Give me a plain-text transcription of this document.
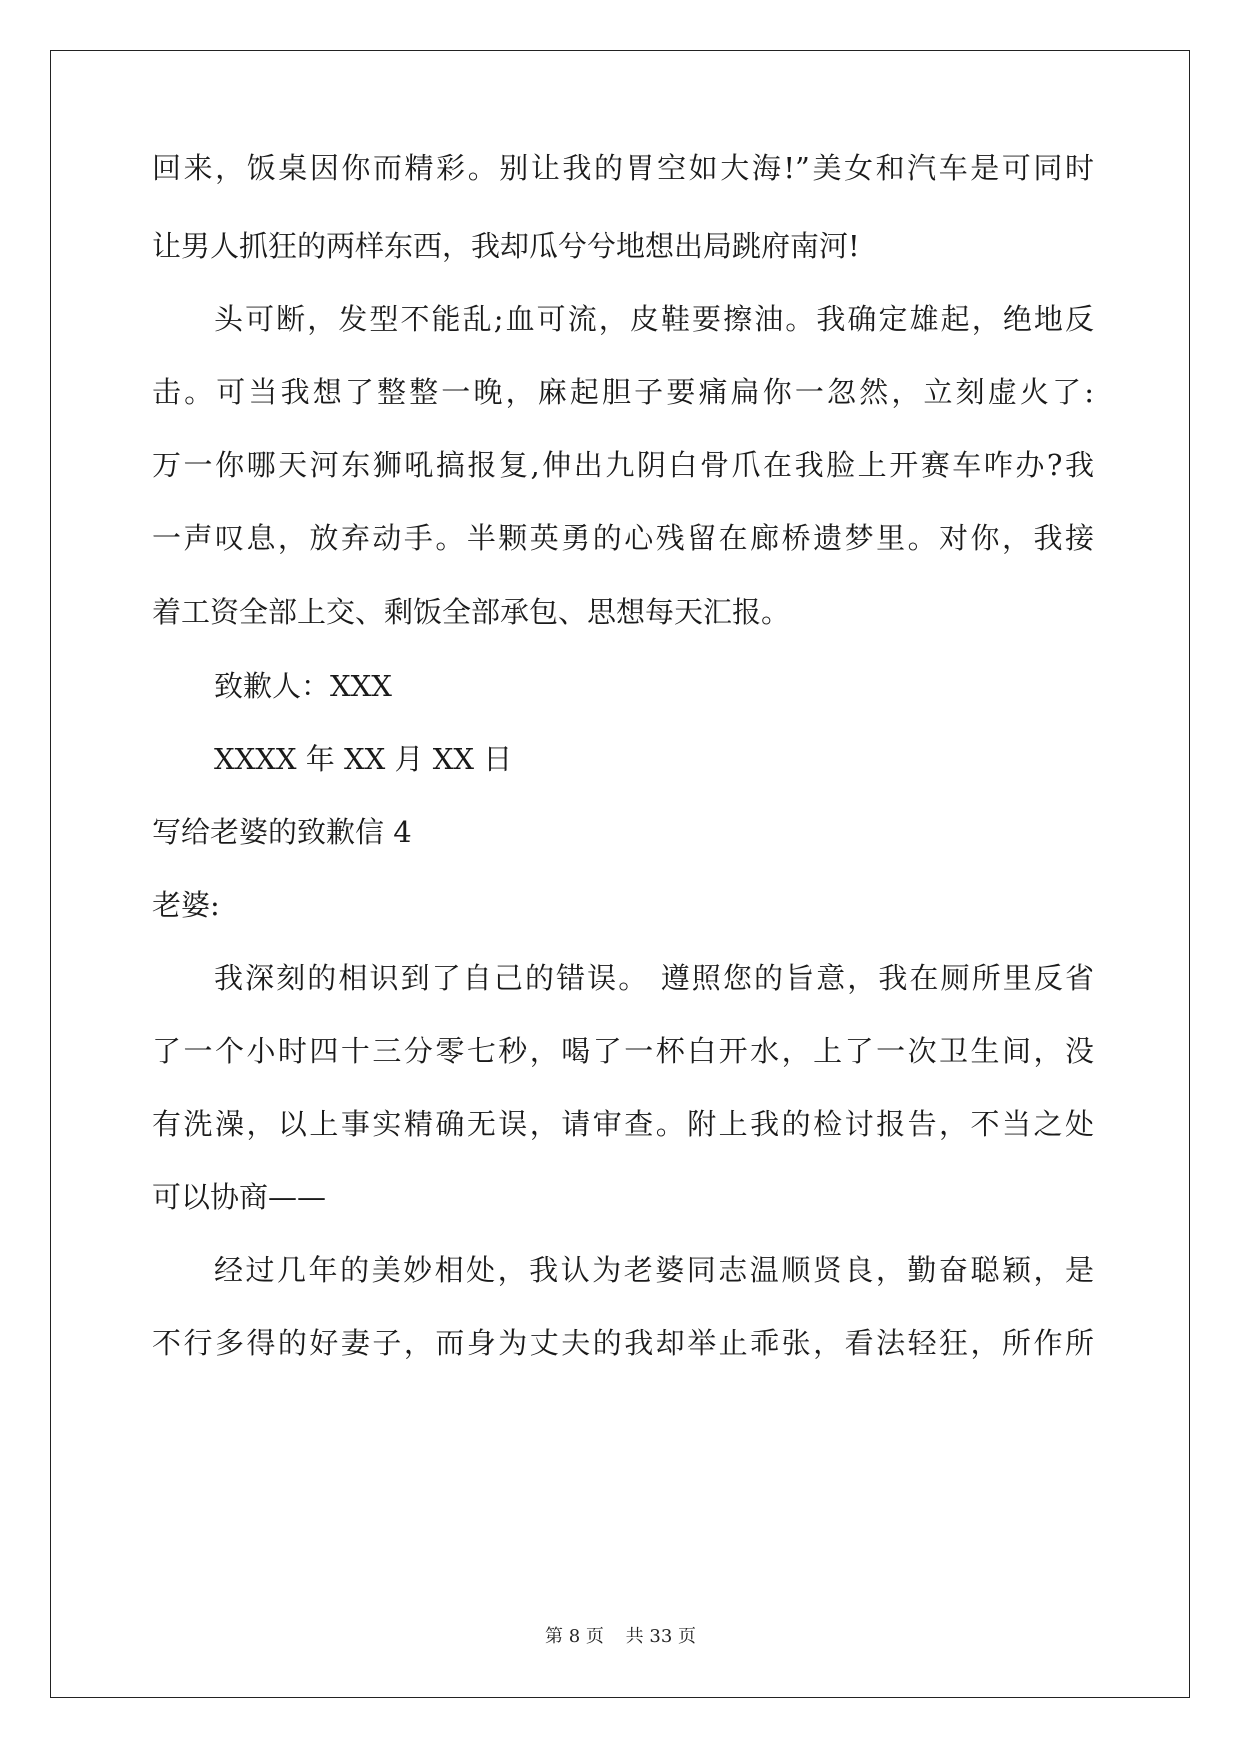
回来，饭桌因你而精彩。别让我的胃空如大海!”美女和汽车是可同时
让男人抓狂的两样东西，我却瓜兮兮地想出局跳府南河!
头可断，发型不能乱;血可流，皮鞋要擦油。我确定雄起，绝地反
击。可当我想了整整一晚，麻起胆子要痛扁你一忽然，立刻虚火了:
万一你哪天河东狮吼搞报复,伸出九阴白骨爪在我脸上开赛车咋办?我
一声叹息，放弃动手。半颗英勇的心残留在廊桥遗梦里。对你，我接
着工资全部上交、剩饭全部承包、思想每天汇报。
致歉人：XXX
XXXX 年 XX 月 XX 日
写给老婆的致歉信 4
老婆:
我深刻的相识到了自己的错误。 遵照您的旨意，我在厕所里反省
了一个小时四十三分零七秒，喝了一杯白开水，上了一次卫生间，没
有洗澡，以上事实精确无误，请审查。附上我的检讨报告，不当之处
可以协商——
经过几年的美妙相处，我认为老婆同志温顺贤良，勤奋聪颖，是
不行多得的好妻子，而身为丈夫的我却举止乖张，看法轻狂，所作所
第 8 页 共 33 页
